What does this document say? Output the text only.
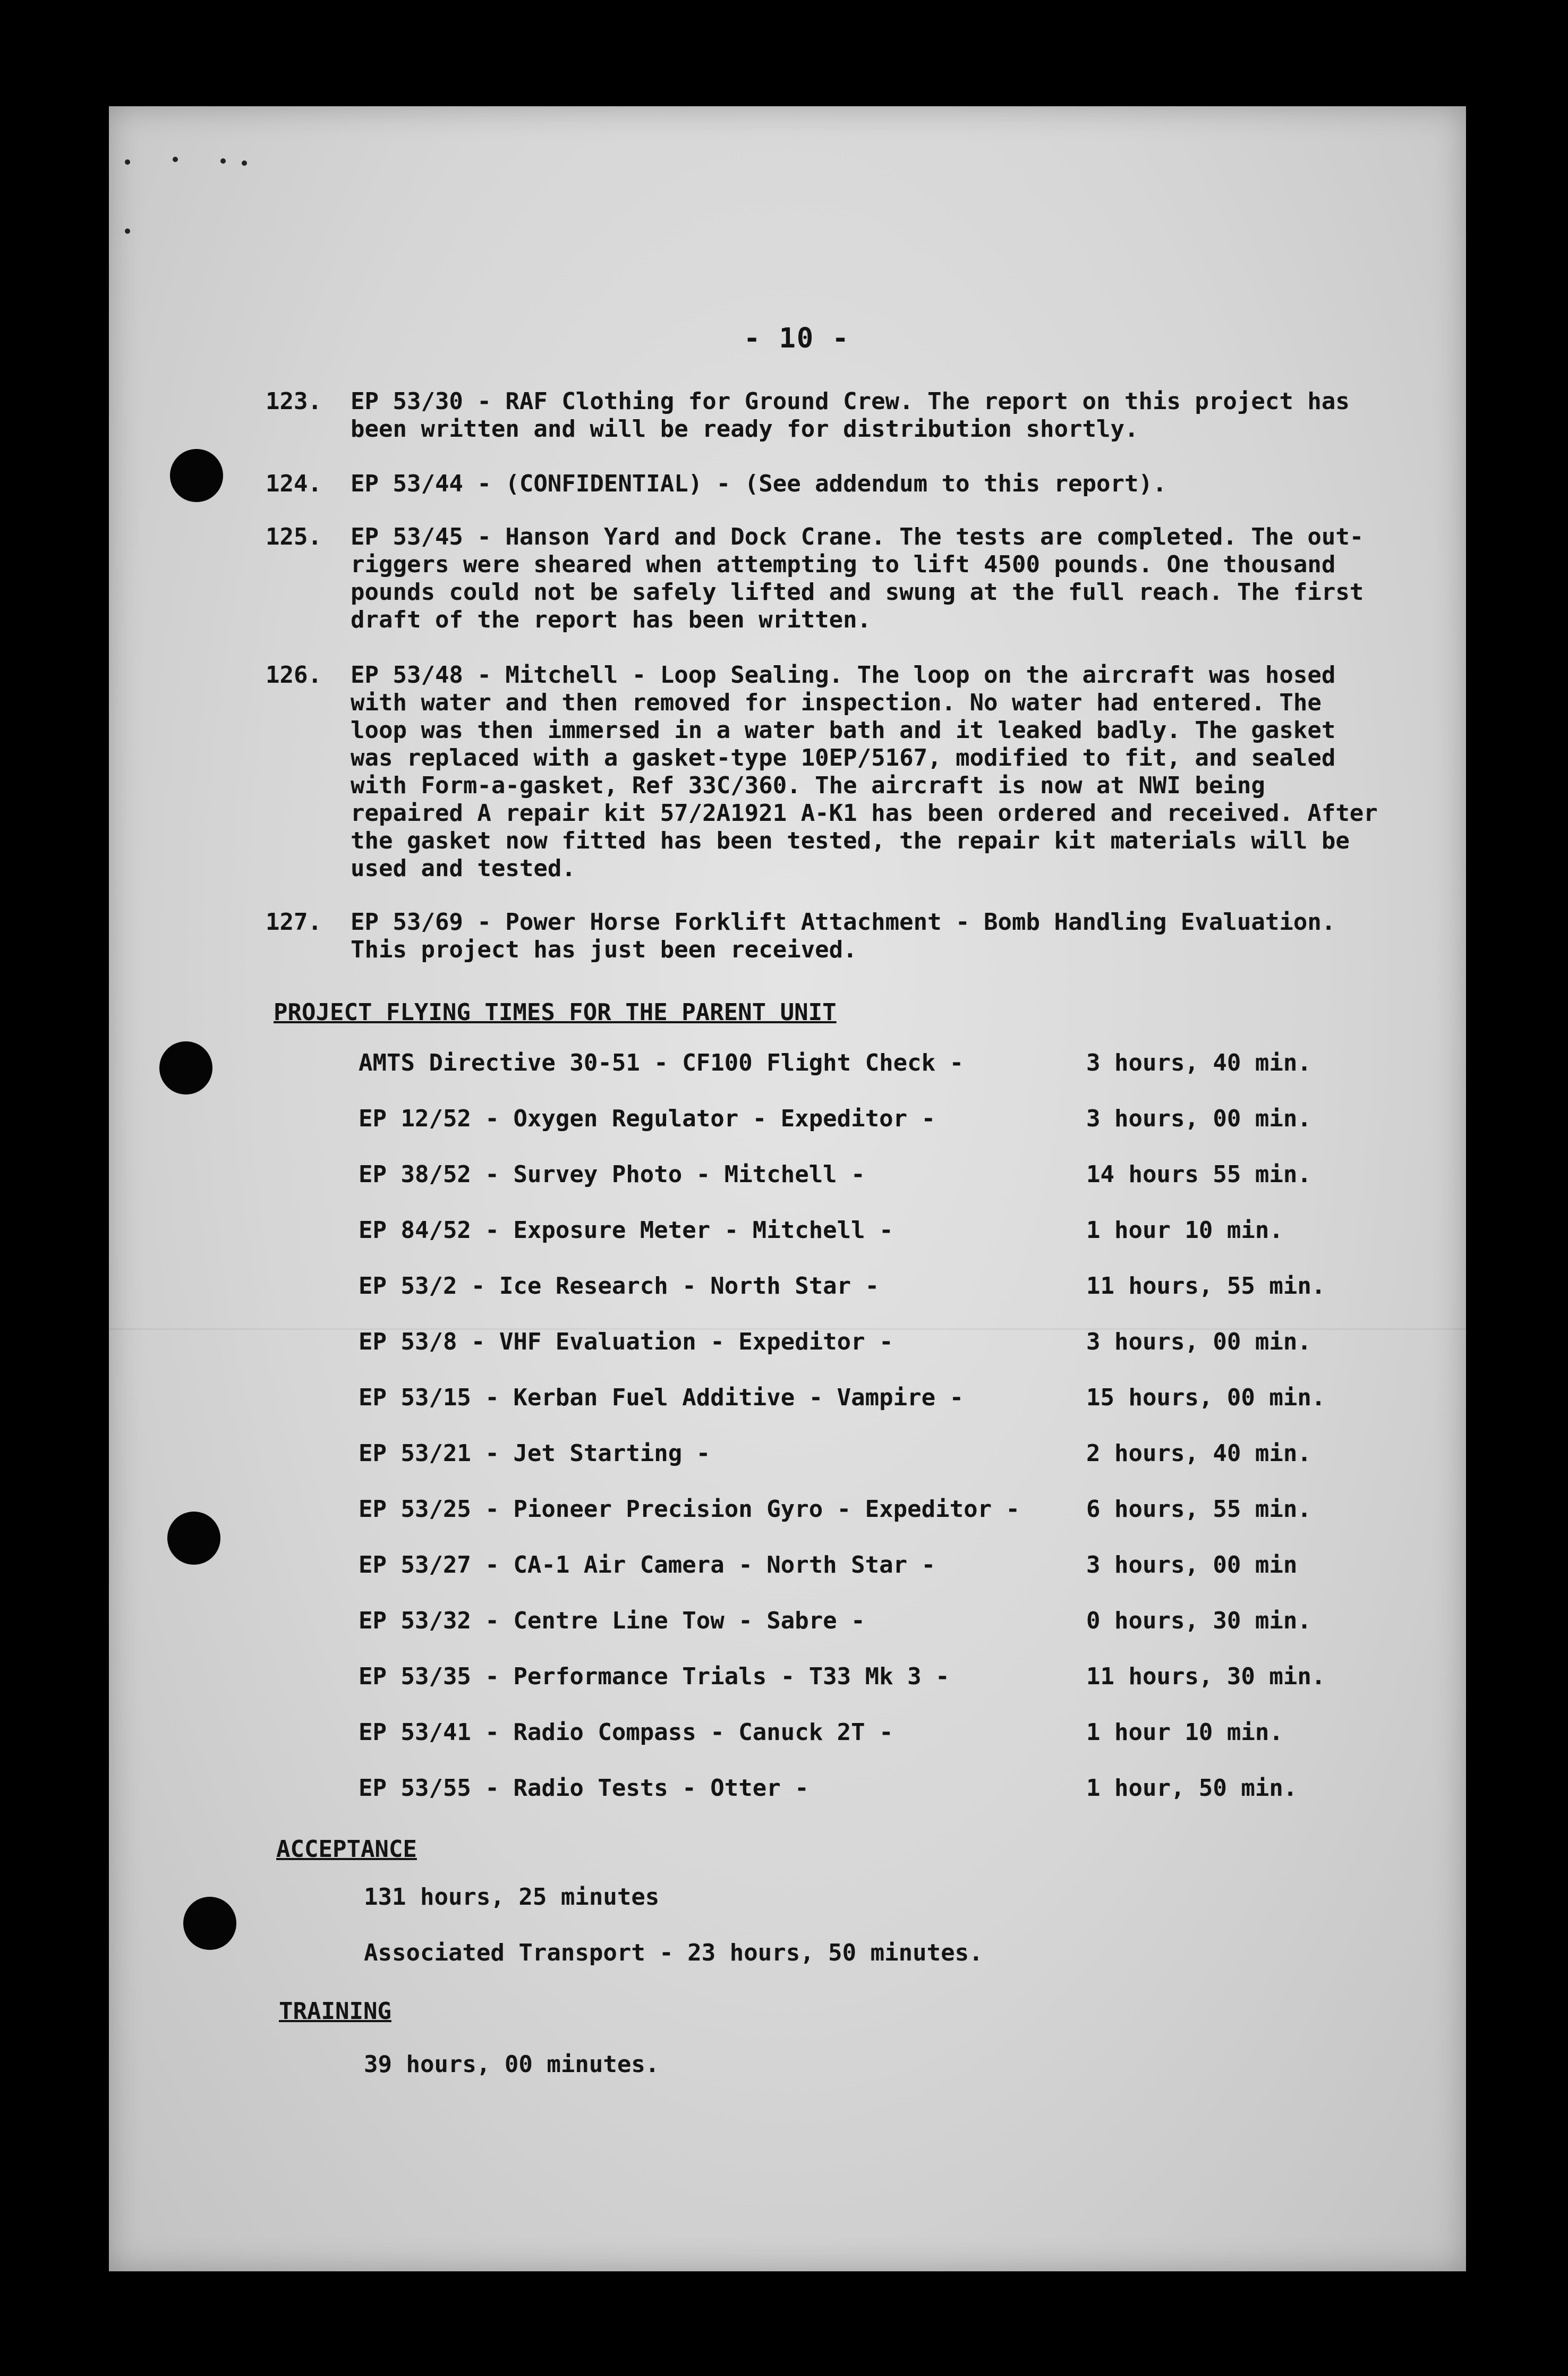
- 10 -
123. EP 53/30 - RAF Clothing for Ground Crew. The report on this project has been written and will be ready for distribution shortly.
124. EP 53/44 - (CONFIDENTIAL) - (See addendum to this report).
125. EP 53/45 - Hanson Yard and Dock Crane. The tests are completed. The out-riggers were sheared when attempting to lift 4500 pounds. One thousand pounds could not be safely lifted and swung at the full reach. The first draft of the report has been written.
126. EP 53/48 - Mitchell - Loop Sealing. The loop on the aircraft was hosed with water and then removed for inspection. No water had entered. The loop was then immersed in a water bath and it leaked badly. The gasket was replaced with a gasket-type 10EP/5167, modified to fit, and sealed with Form-a-gasket, Ref 33C/360. The aircraft is now at NWI being repaired A repair kit 57/2A1921 A-K1 has been ordered and received. After the gasket now fitted has been tested, the repair kit materials will be used and tested.
127. EP 53/69 - Power Horse Forklift Attachment - Bomb Handling Evaluation. This project has just been received.
PROJECT FLYING TIMES FOR THE PARENT UNIT
AMTS Directive 30-51 - CF100 Flight Check -	3 hours, 40 min.
EP 12/52 - Oxygen Regulator - Expeditor -	3 hours, 00 min.
EP 38/52 - Survey Photo - Mitchell -	14 hours 55 min.
EP 84/52 - Exposure Meter - Mitchell -	1 hour 10 min.
EP 53/2 - Ice Research - North Star -	11 hours, 55 min.
EP 53/8 - VHF Evaluation - Expeditor -	3 hours, 00 min.
EP 53/15 - Kerban Fuel Additive - Vampire -	15 hours, 00 min.
EP 53/21 - Jet Starting -	2 hours, 40 min.
EP 53/25 - Pioneer Precision Gyro - Expeditor -	6 hours, 55 min.
EP 53/27 - CA-1 Air Camera - North Star -	3 hours, 00 min
EP 53/32 - Centre Line Tow - Sabre -	0 hours, 30 min.
EP 53/35 - Performance Trials - T33 Mk 3 -	11 hours, 30 min.
EP 53/41 - Radio Compass - Canuck 2T -	1 hour 10 min.
EP 53/55 - Radio Tests - Otter -	1 hour, 50 min.
ACCEPTANCE
131 hours, 25 minutes
Associated Transport - 23 hours, 50 minutes.
TRAINING
39 hours, 00 minutes.
